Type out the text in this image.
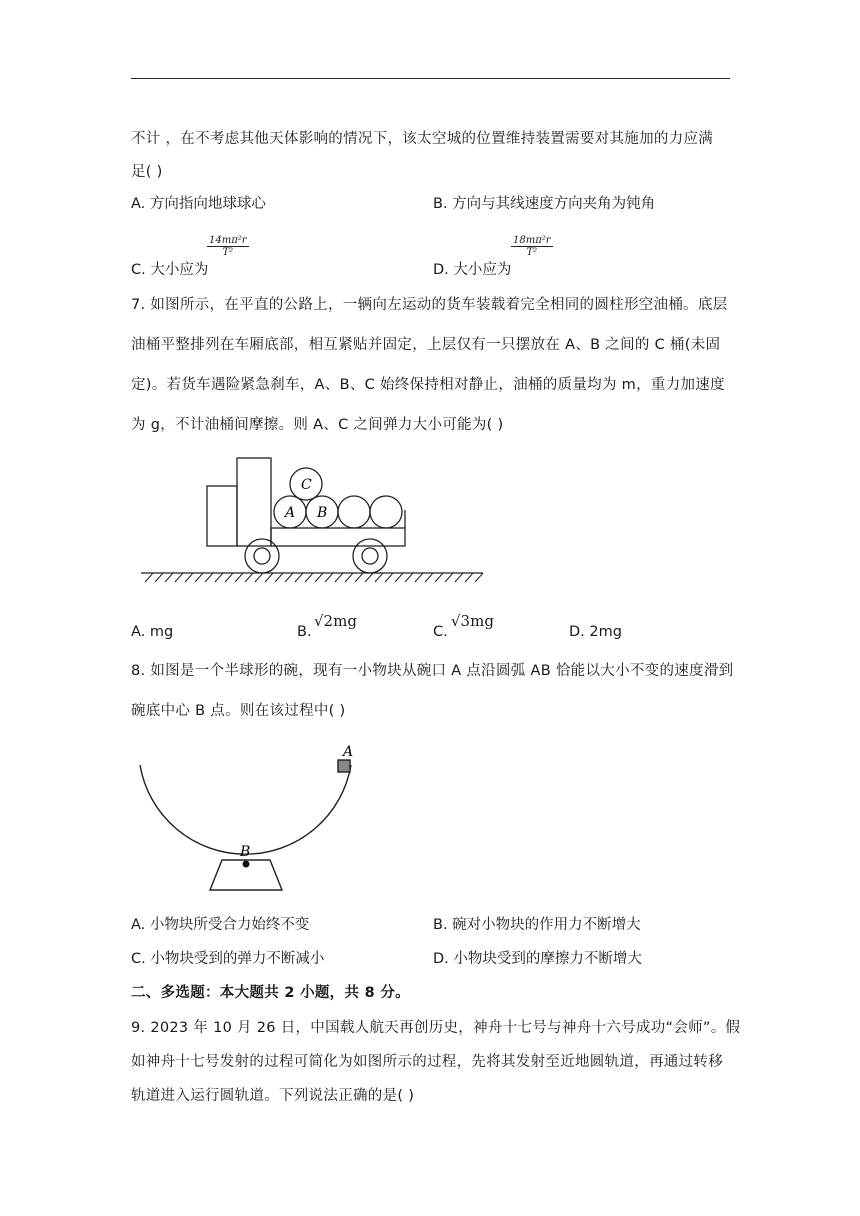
不计 ，在不考虑其他天体影响的情况下，该太空城的位置维持装置需要对其施加的力应满
足( )
A. 方向指向地球球心	B. 方向与其线速度方向夹角为钝角
C. 大小应为
$\frac{\text{14mπ²r}}{\text{T²}}$
D. 大小应为
$\frac{\text{18mπ²r}}{\text{T²}}$
7. 如图所示，在平直的公路上，一辆向左运动的货车装载着完全相同的圆柱形空油桶。底层
油桶平整排列在车厢底部，相互紧贴并固定，上层仅有一只摆放在 A、B 之间的 C 桶(未固
定)。若货车遇险紧急刹车，A、B、C 始终保持相对静止，油桶的质量均为 m，重力加速度
为 g，不计油桶间摩擦。则 A、C 之间弹力大小可能为( )
A B
C
A. mg	B.
√2mg
C.
√3mg
D. 2mg
8. 如图是一个半球形的碗，现有一小物块从碗口 A 点沿圆弧 AB 恰能以大小不变的速度滑到
碗底中心 B 点。则在该过程中( )
A
B
A. 小物块所受合力始终不变	B. 碗对小物块的作用力不断增大
C. 小物块受到的弹力不断减小	D. 小物块受到的摩擦力不断增大
二、多选题：本大题共 2 小题，共 8 分。
9. 2023 年 10 月 26 日，中国载人航天再创历史，神舟十七号与神舟十六号成功“会师”。假
如神舟十七号发射的过程可简化为如图所示的过程，先将其发射至近地圆轨道，再通过转移
轨道进入运行圆轨道。下列说法正确的是( )
